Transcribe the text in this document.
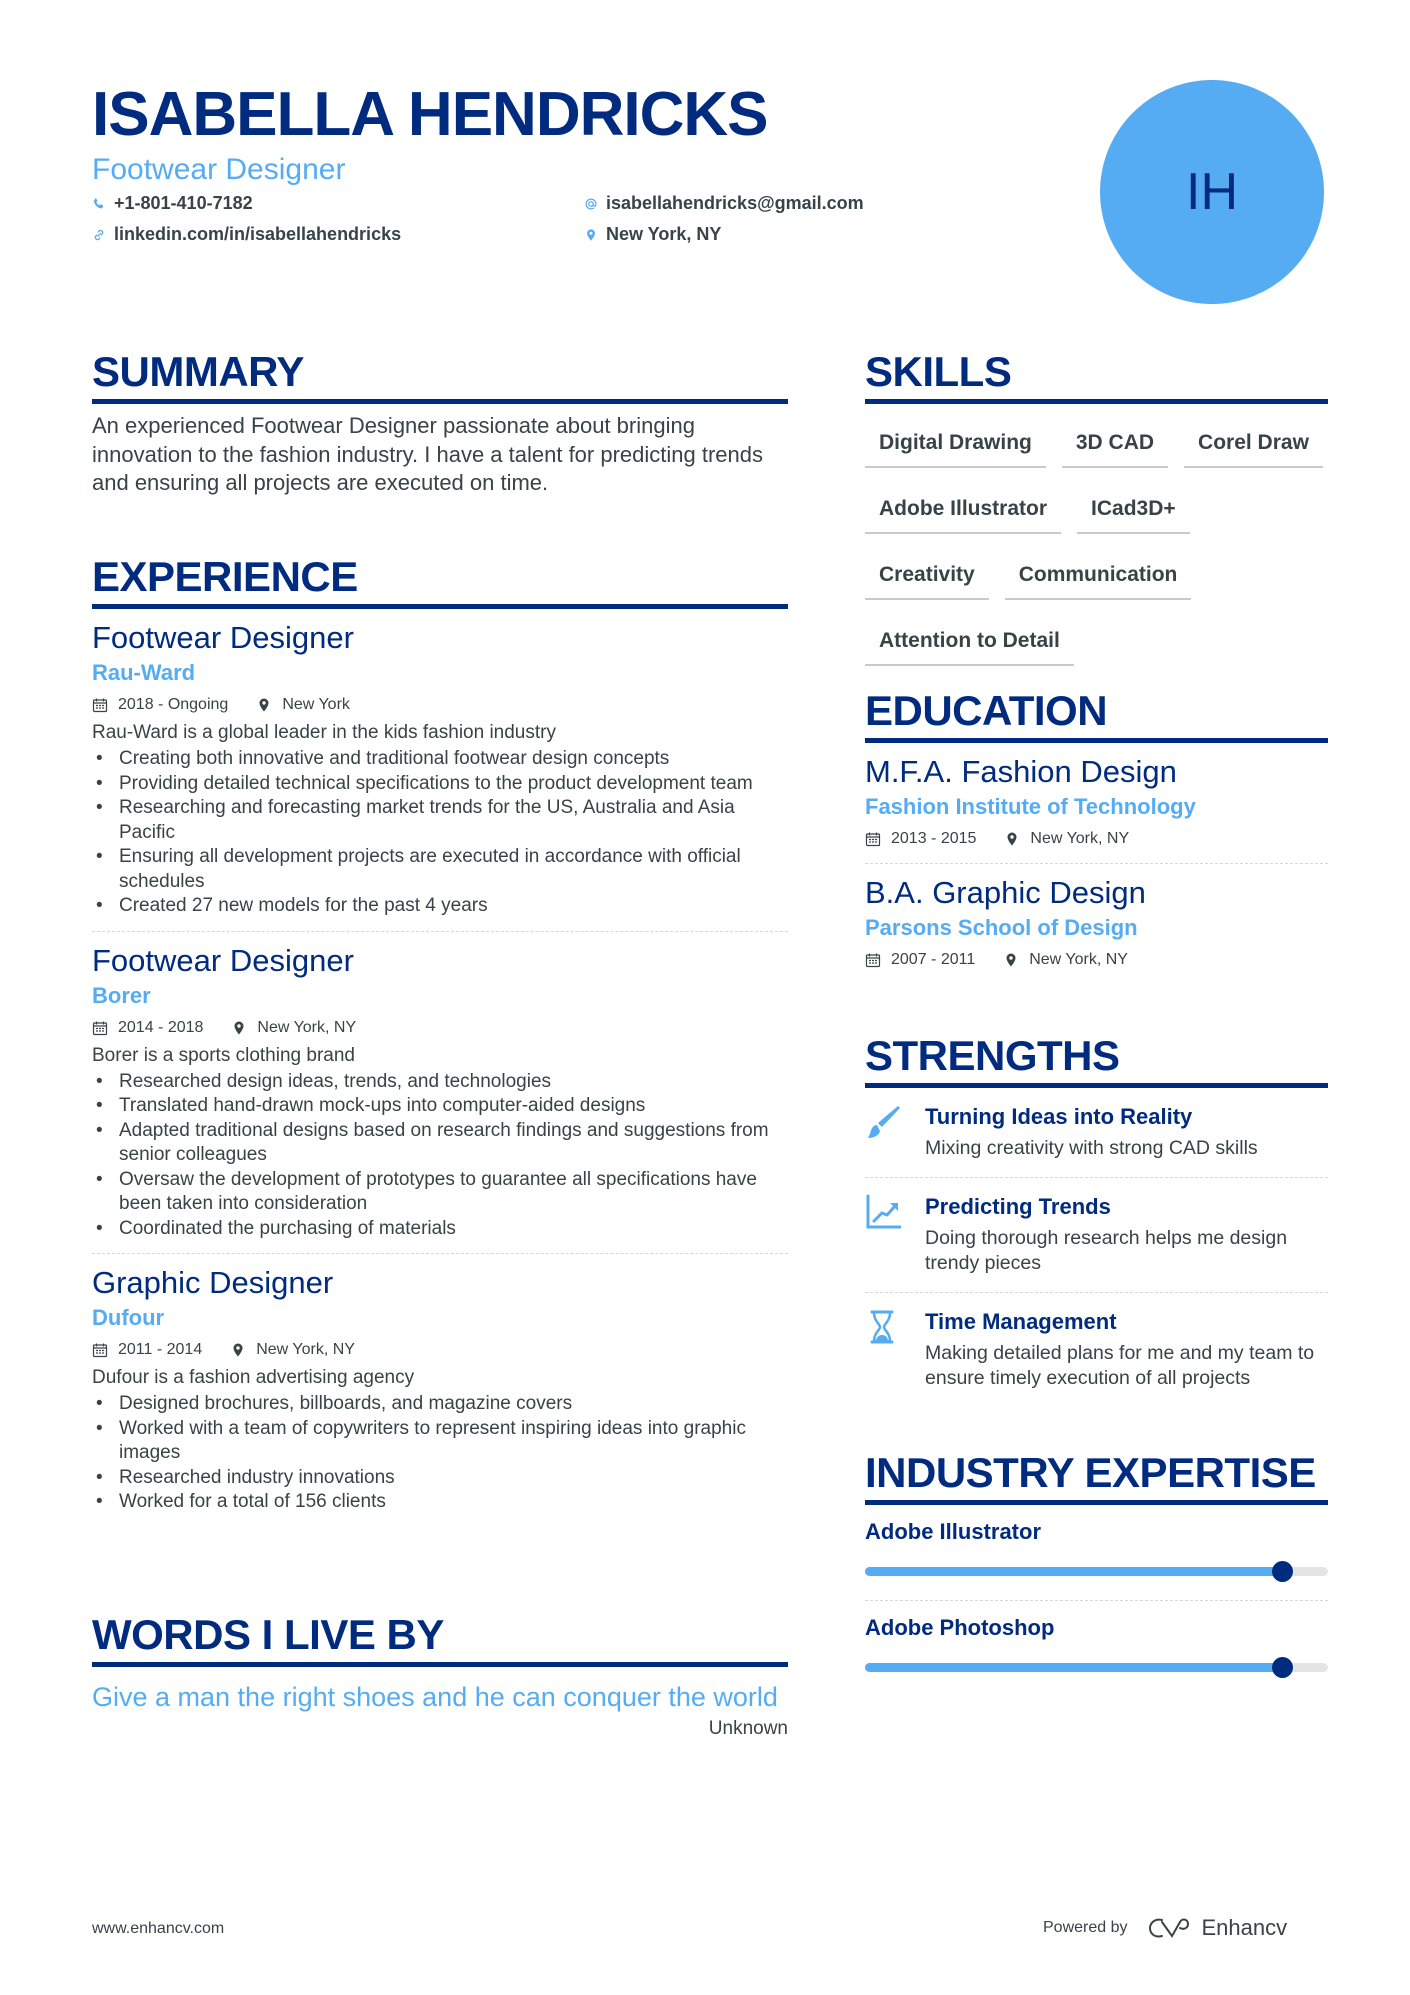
ISABELLA HENDRICKS
Footwear Designer
+1-801-410-7182
linkedin.com/in/isabellahendricks
isabellahendricks@gmail.com
New York, NY
IH
SUMMARY

An experienced Footwear Designer passionate about bringing innovation to the fashion industry. I have a talent for predicting trends and ensuring all projects are executed on time.

EXPERIENCE
Footwear Designer
Rau-Ward
2018 - Ongoing	New York
Rau-Ward is a global leader in the kids fashion industry
• Creating both innovative and traditional footwear design concepts
• Providing detailed technical specifications to the product development team
• Researching and forecasting market trends for the US, Australia and Asia Pacific
• Ensuring all development projects are executed in accordance with official schedules
• Created 27 new models for the past 4 years
Footwear Designer
Borer
2014 - 2018	New York, NY
Borer is a sports clothing brand
• Researched design ideas, trends, and technologies
• Translated hand-drawn mock-ups into computer-aided designs
• Adapted traditional designs based on research findings and suggestions from senior colleagues
• Oversaw the development of prototypes to guarantee all specifications have been taken into consideration
• Coordinated the purchasing of materials
Graphic Designer
Dufour
2011 - 2014	New York, NY
Dufour is a fashion advertising agency
• Designed brochures, billboards, and magazine covers
• Worked with a team of copywriters to represent inspiring ideas into graphic images
• Researched industry innovations
• Worked for a total of 156 clients
WORDS I LIVE BY
Give a man the right shoes and he can conquer the world
Unknown
SKILLS
Digital Drawing	3D CAD	Corel Draw
Adobe Illustrator	ICad3D+
Creativity	Communication
Attention to Detail
EDUCATION
M.F.A. Fashion Design
Fashion Institute of Technology
2013 - 2015	New York, NY
B.A. Graphic Design
Parsons School of Design
2007 - 2011	New York, NY
STRENGTHS
Turning Ideas into Reality
Mixing creativity with strong CAD skills
Predicting Trends
Doing thorough research helps me design trendy pieces
Time Management
Making detailed plans for me and my team to ensure timely execution of all projects
INDUSTRY EXPERTISE
Adobe Illustrator
Adobe Photoshop
www.enhancv.com	Powered by	Enhancv
